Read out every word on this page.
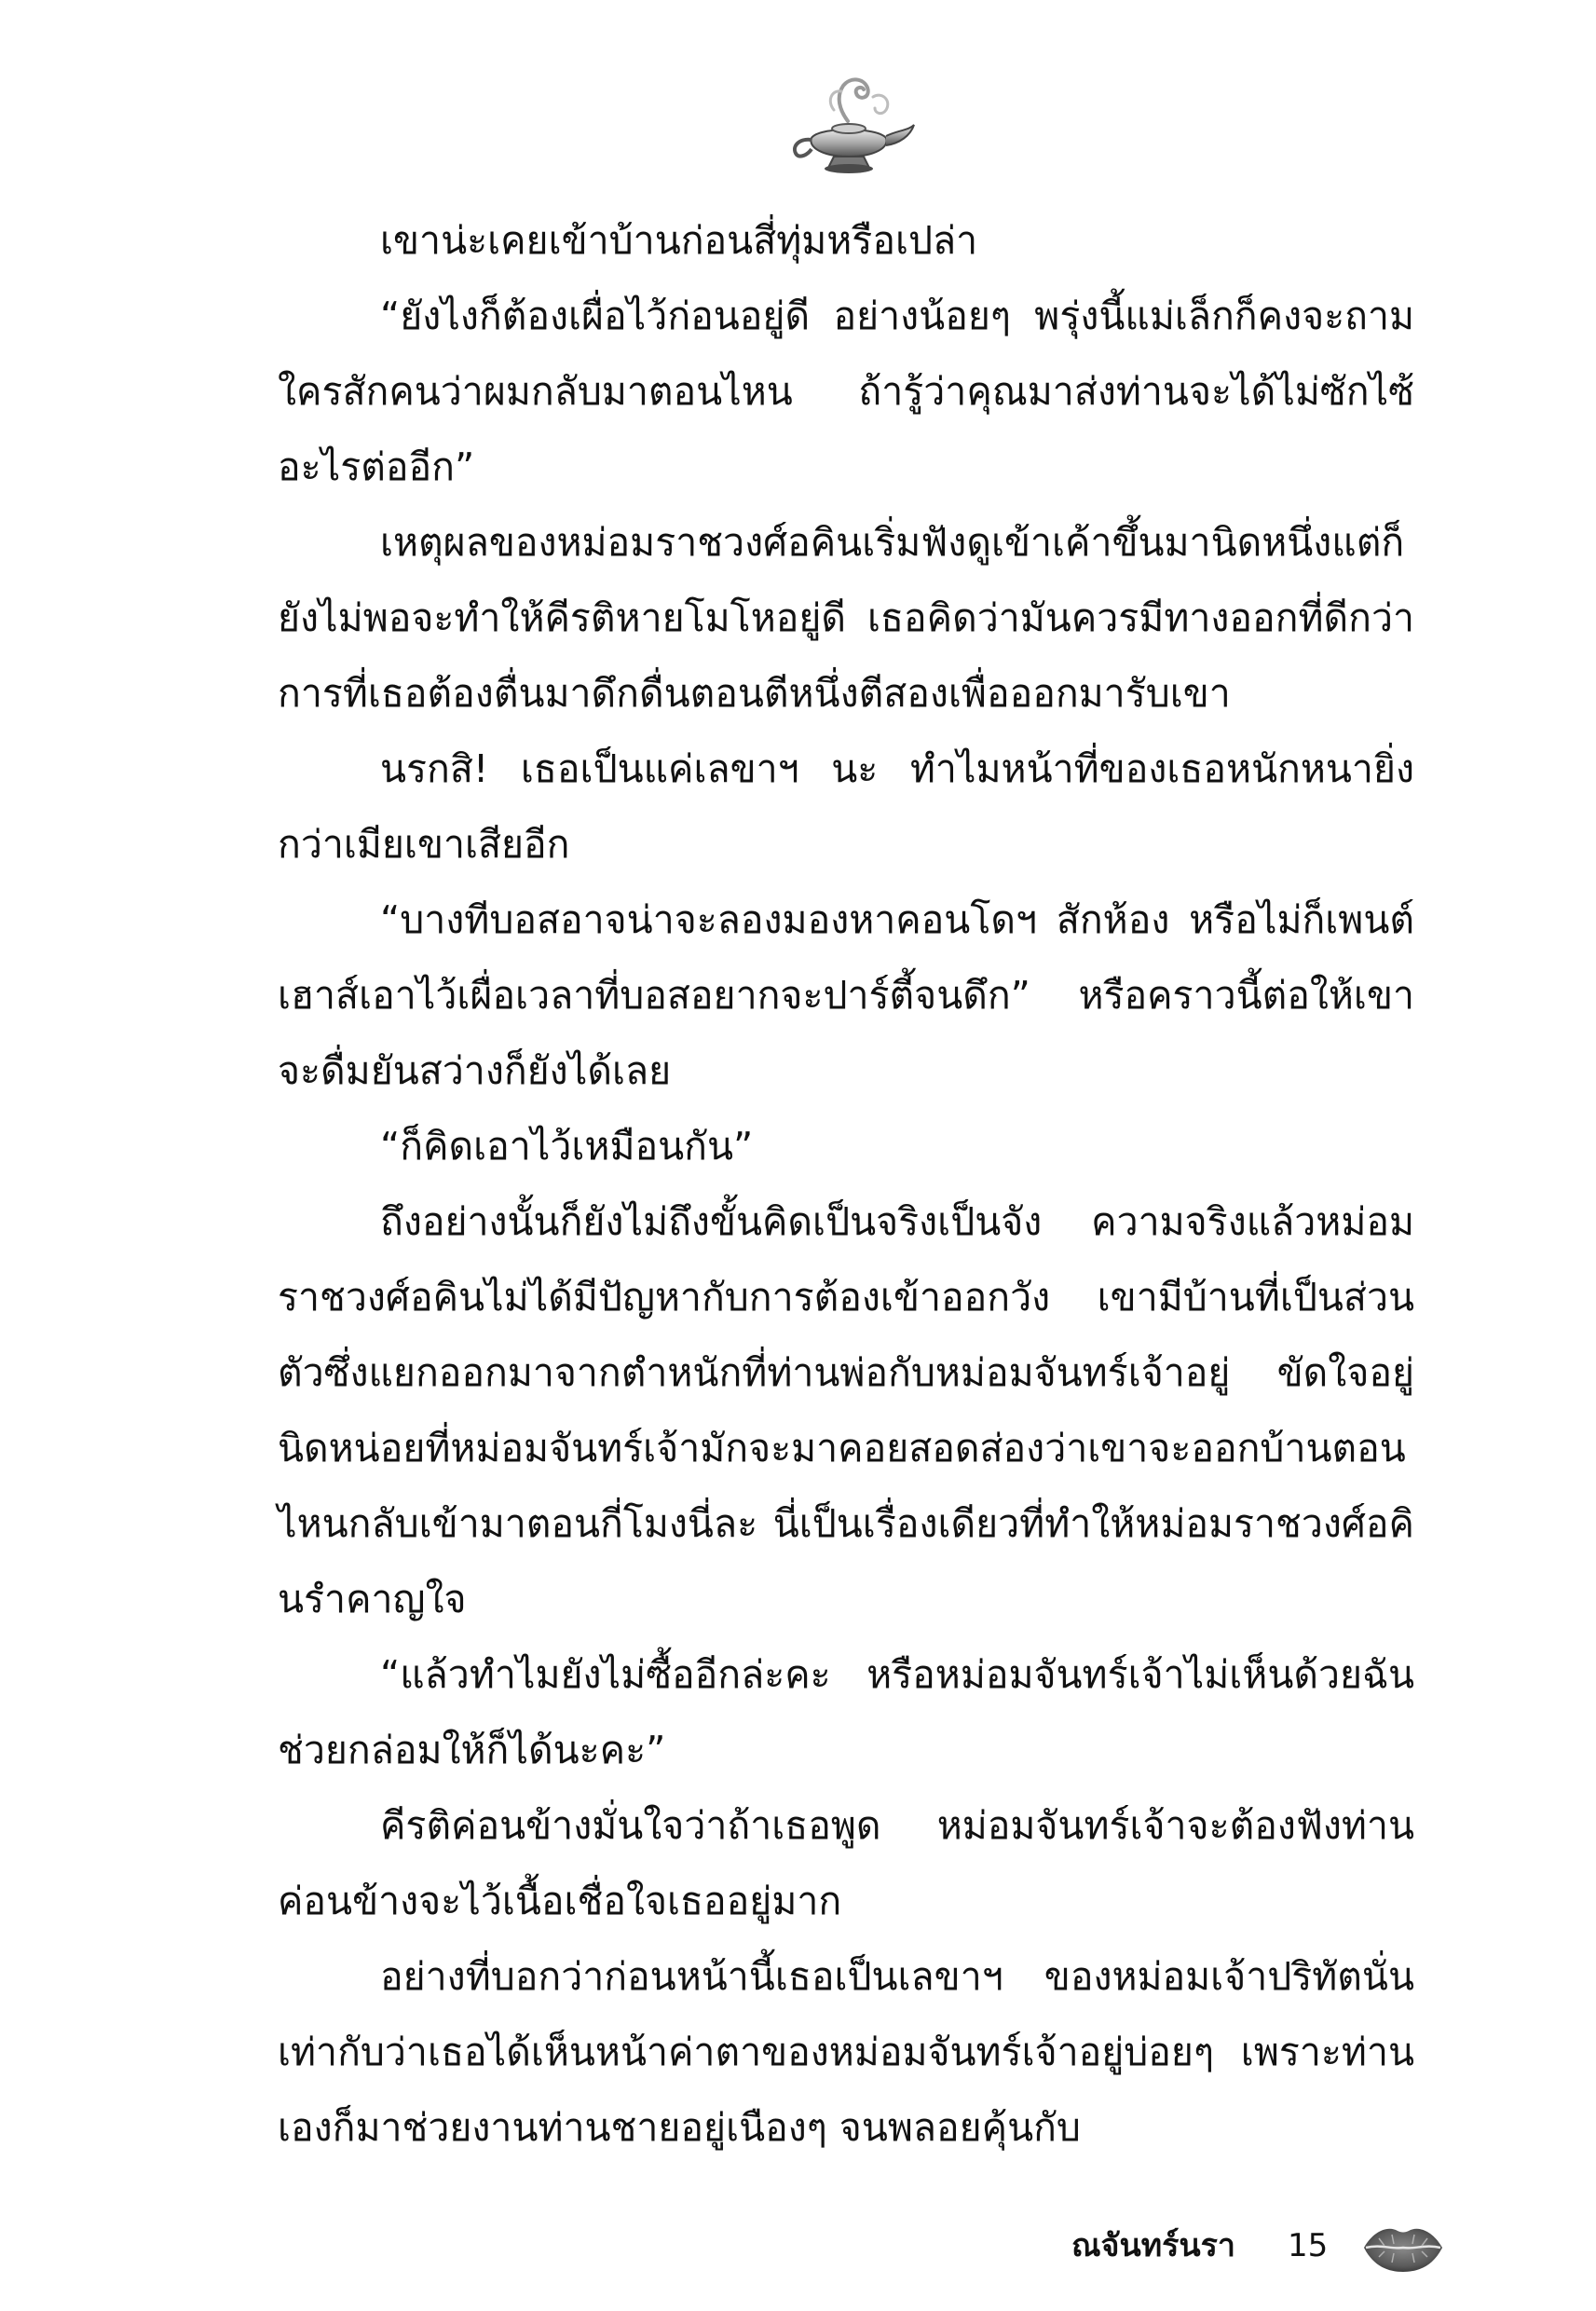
เขาน่ะเคยเข้าบ้านก่อนสี่ทุ่มหรือเปล่า

“ยังไงก็ต้องเผื่อไว้ก่อนอยู่ดี อย่างน้อยๆ พรุ่งนี้แม่เล็กก็คงจะถามใครสักคนว่าผมกลับมาตอนไหน ถ้ารู้ว่าคุณมาส่งท่านจะได้ไม่ซักไซ้อะไรต่ออีก”

เหตุผลของหม่อมราชวงศ์อคินเริ่มฟังดูเข้าเค้าขึ้นมานิดหนึ่งแต่ก็ยังไม่พอจะทำให้คีรติหายโมโหอยู่ดี เธอคิดว่ามันควรมีทางออกที่ดีกว่าการที่เธอต้องตื่นมาดึกดื่นตอนตีหนึ่งตีสองเพื่อออกมารับเขา

นรกสิ! เธอเป็นแค่เลขาฯ นะ ทำไมหน้าที่ของเธอหนักหนายิ่งกว่าเมียเขาเสียอีก

“บางทีบอสอาจน่าจะลองมองหาคอนโดฯ สักห้อง หรือไม่ก็เพนต์เฮาส์เอาไว้เผื่อเวลาที่บอสอยากจะปาร์ตี้จนดึก” หรือคราวนี้ต่อให้เขาจะดื่มยันสว่างก็ยังได้เลย

“ก็คิดเอาไว้เหมือนกัน”

ถึงอย่างนั้นก็ยังไม่ถึงขั้นคิดเป็นจริงเป็นจัง ความจริงแล้วหม่อมราชวงศ์อคินไม่ได้มีปัญหากับการต้องเข้าออกวัง เขามีบ้านที่เป็นส่วนตัวซึ่งแยกออกมาจากตำหนักที่ท่านพ่อกับหม่อมจันทร์เจ้าอยู่ ขัดใจอยู่นิดหน่อยที่หม่อมจันทร์เจ้ามักจะมาคอยสอดส่องว่าเขาจะออกบ้านตอนไหนกลับเข้ามาตอนกี่โมงนี่ละ นี่เป็นเรื่องเดียวที่ทำให้หม่อมราชวงศ์อคินรำคาญใจ

“แล้วทำไมยังไม่ซื้ออีกล่ะคะ หรือหม่อมจันทร์เจ้าไม่เห็นด้วยฉันช่วยกล่อมให้ก็ได้นะคะ”

คีรติค่อนข้างมั่นใจว่าถ้าเธอพูด หม่อมจันทร์เจ้าจะต้องฟังท่านค่อนข้างจะไว้เนื้อเชื่อใจเธออยู่มาก

อย่างที่บอกว่าก่อนหน้านี้เธอเป็นเลขาฯ ของหม่อมเจ้าปริทัตนั่นเท่ากับว่าเธอได้เห็นหน้าค่าตาของหม่อมจันทร์เจ้าอยู่บ่อยๆ เพราะท่านเองก็มาช่วยงานท่านชายอยู่เนืองๆ จนพลอยคุ้นกับ

ณจันทร์นรา 15
